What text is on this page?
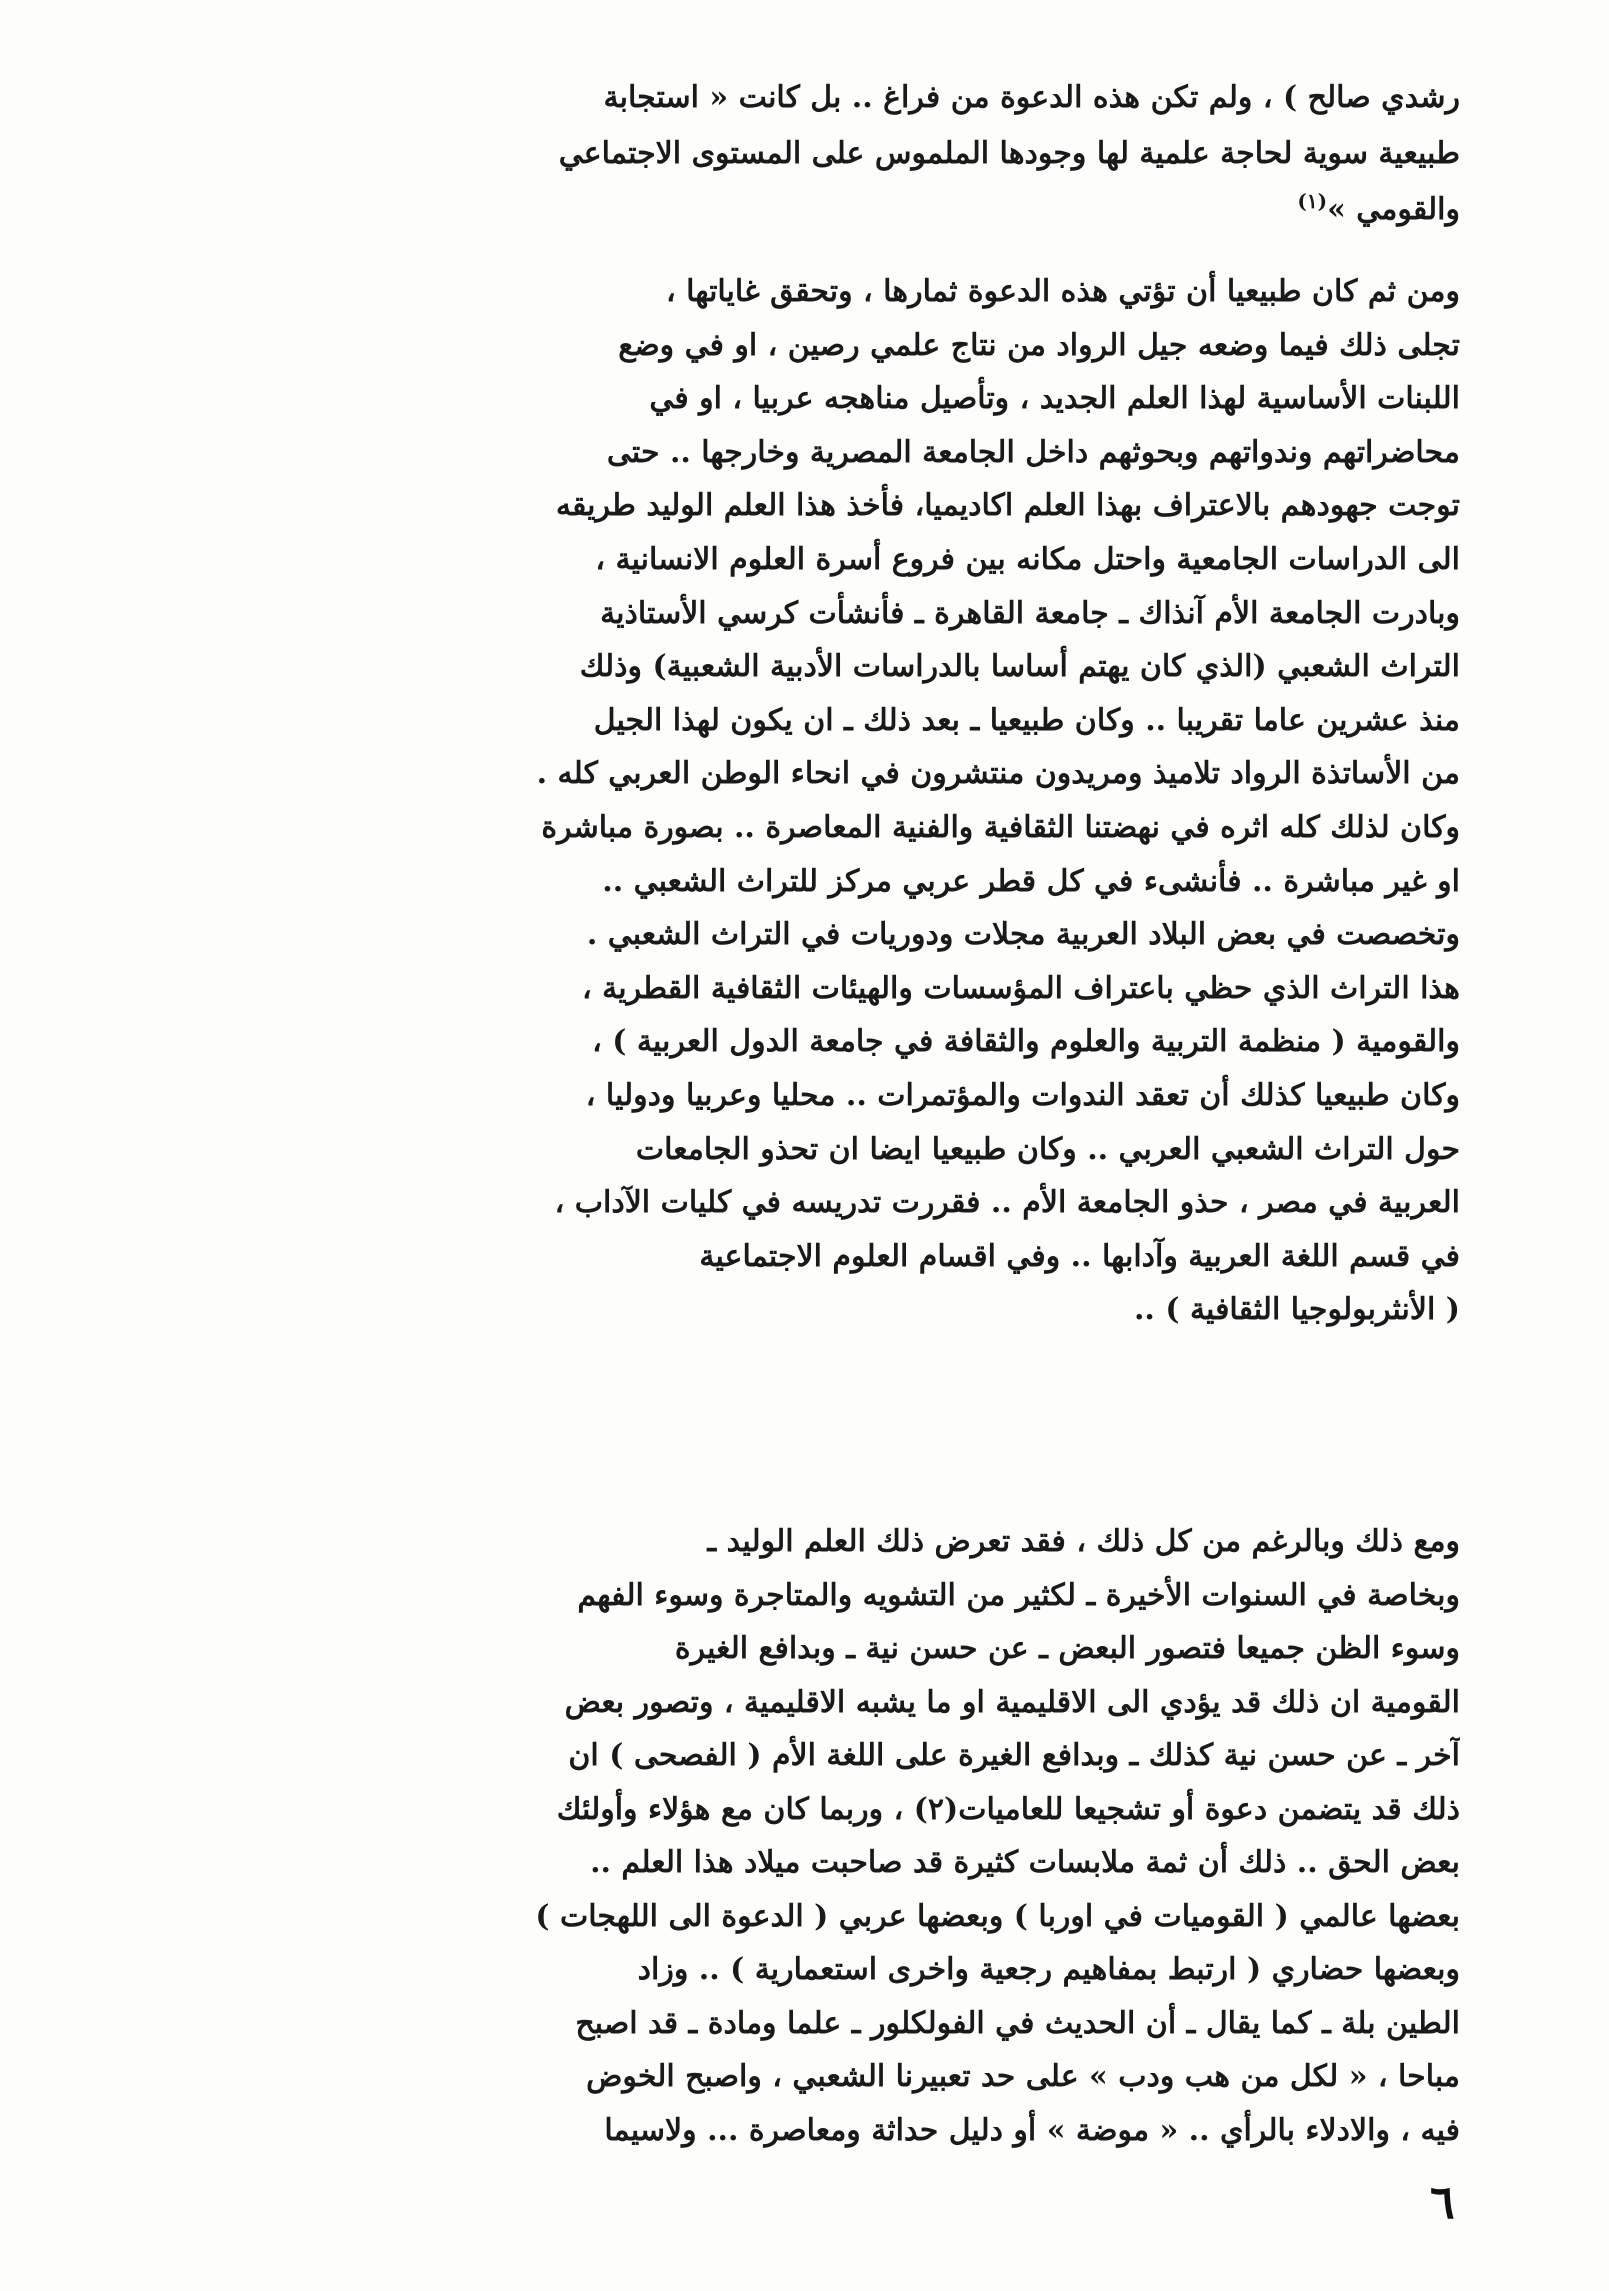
رشدي صالح ) ، ولم تكن هذه الدعوة من فراغ .. بل كانت « استجابة
طبيعية سوية لحاجة علمية لها وجودها الملموس على المستوى الاجتماعي
والقومي »$^{(١)}$
ومن ثم كان طبيعيا أن تؤتي هذه الدعوة ثمارها ، وتحقق غاياتها ،
تجلى ذلك فيما وضعه جيل الرواد من نتاج علمي رصين ، او في وضع
اللبنات الأساسية لهذا العلم الجديد ، وتأصيل مناهجه عربيا ، او في
محاضراتهم وندواتهم وبحوثهم داخل الجامعة المصرية وخارجها .. حتى
توجت جهودهم بالاعتراف بهذا العلم اكاديميا، فأخذ هذا العلم الوليد طريقه
الى الدراسات الجامعية واحتل مكانه بين فروع أسرة العلوم الانسانية ،
وبادرت الجامعة الأم آنذاك ـ جامعة القاهرة ـ فأنشأت كرسي الأستاذية
التراث الشعبي (الذي كان يهتم أساسا بالدراسات الأدبية الشعبية) وذلك
منذ عشرين عاما تقريبا .. وكان طبيعيا ـ بعد ذلك ـ ان يكون لهذا الجيل
من الأساتذة الرواد تلاميذ ومريدون منتشرون في انحاء الوطن العربي كله .
وكان لذلك كله اثره في نهضتنا الثقافية والفنية المعاصرة .. بصورة مباشرة
او غير مباشرة .. فأنشىء في كل قطر عربي مركز للتراث الشعبي ..
وتخصصت في بعض البلاد العربية مجلات ودوريات في التراث الشعبي .
هذا التراث الذي حظي باعتراف المؤسسات والهيئات الثقافية القطرية ،
والقومية ( منظمة التربية والعلوم والثقافة في جامعة الدول العربية ) ،
وكان طبيعيا كذلك أن تعقد الندوات والمؤتمرات .. محليا وعربيا ودوليا ،
حول التراث الشعبي العربي .. وكان طبيعيا ايضا ان تحذو الجامعات
العربية في مصر ، حذو الجامعة الأم .. فقررت تدريسه في كليات الآداب ،
في قسم اللغة العربية وآدابها .. وفي اقسام العلوم الاجتماعية
( الأنثربولوجيا الثقافية ) ..
ومع ذلك وبالرغم من كل ذلك ، فقد تعرض ذلك العلم الوليد ـ
وبخاصة في السنوات الأخيرة ـ لكثير من التشويه والمتاجرة وسوء الفهم
وسوء الظن جميعا فتصور البعض ـ عن حسن نية ـ وبدافع الغيرة
القومية ان ذلك قد يؤدي الى الاقليمية او ما يشبه الاقليمية ، وتصور بعض
آخر ـ عن حسن نية كذلك ـ وبدافع الغيرة على اللغة الأم ( الفصحى ) ان
ذلك قد يتضمن دعوة أو تشجيعا للعاميات(٢) ، وربما كان مع هؤلاء وأولئك
بعض الحق .. ذلك أن ثمة ملابسات كثيرة قد صاحبت ميلاد هذا العلم ..
بعضها عالمي ( القوميات في اوربا ) وبعضها عربي ( الدعوة الى اللهجات )
وبعضها حضاري ( ارتبط بمفاهيم رجعية واخرى استعمارية ) .. وزاد
الطين بلة ـ كما يقال ـ أن الحديث في الفولكلور ـ علما ومادة ـ قد اصبح
مباحا ، « لكل من هب ودب » على حد تعبيرنا الشعبي ، واصبح الخوض
فيه ، والادلاء بالرأي .. « موضة » أو دليل حداثة ومعاصرة ... ولاسيما
٦
